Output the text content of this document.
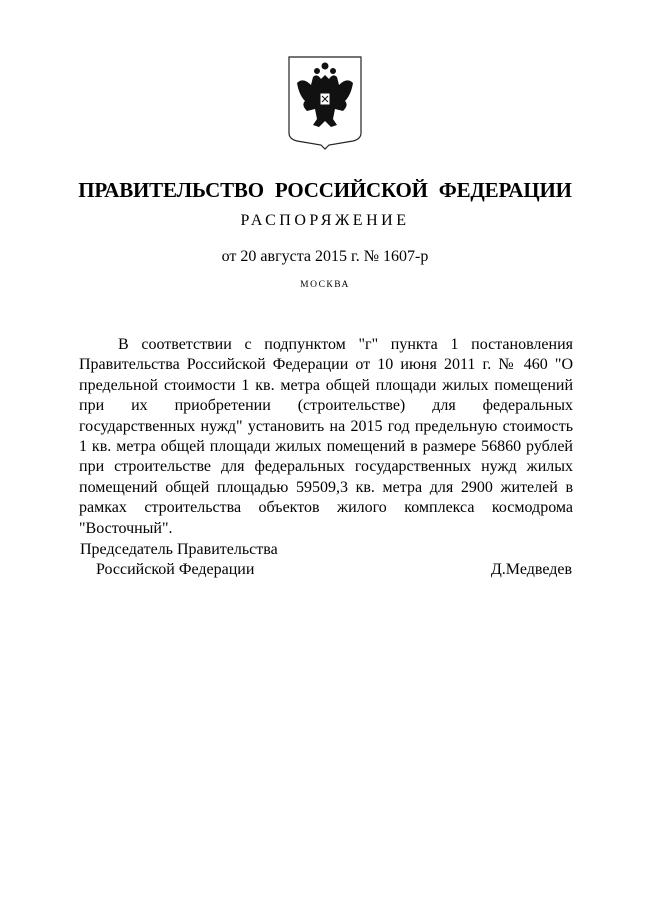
ПРАВИТЕЛЬСТВО РОССИЙСКОЙ ФЕДЕРАЦИИ
РАСПОРЯЖЕНИЕ
от 20 августа 2015 г. № 1607-р
МОСКВА

В соответствии с подпунктом "г" пункта 1 постановления Правительства Российской Федерации от 10 июня 2011 г. № 460 "О предельной стоимости 1 кв. метра общей площади жилых помещений при их приобретении (строительстве) для федеральных государственных нужд" установить на 2015 год предельную стоимость 1 кв. метра общей площади жилых помещений в размере 56860 рублей при строительстве для федеральных государственных нужд жилых помещений общей площадью 59509,3 кв. метра для 2900 жителей в рамках строительства объектов жилого комплекса космодрома "Восточный".

Председатель Правительства
Российской Федерации	Д.Медведев
